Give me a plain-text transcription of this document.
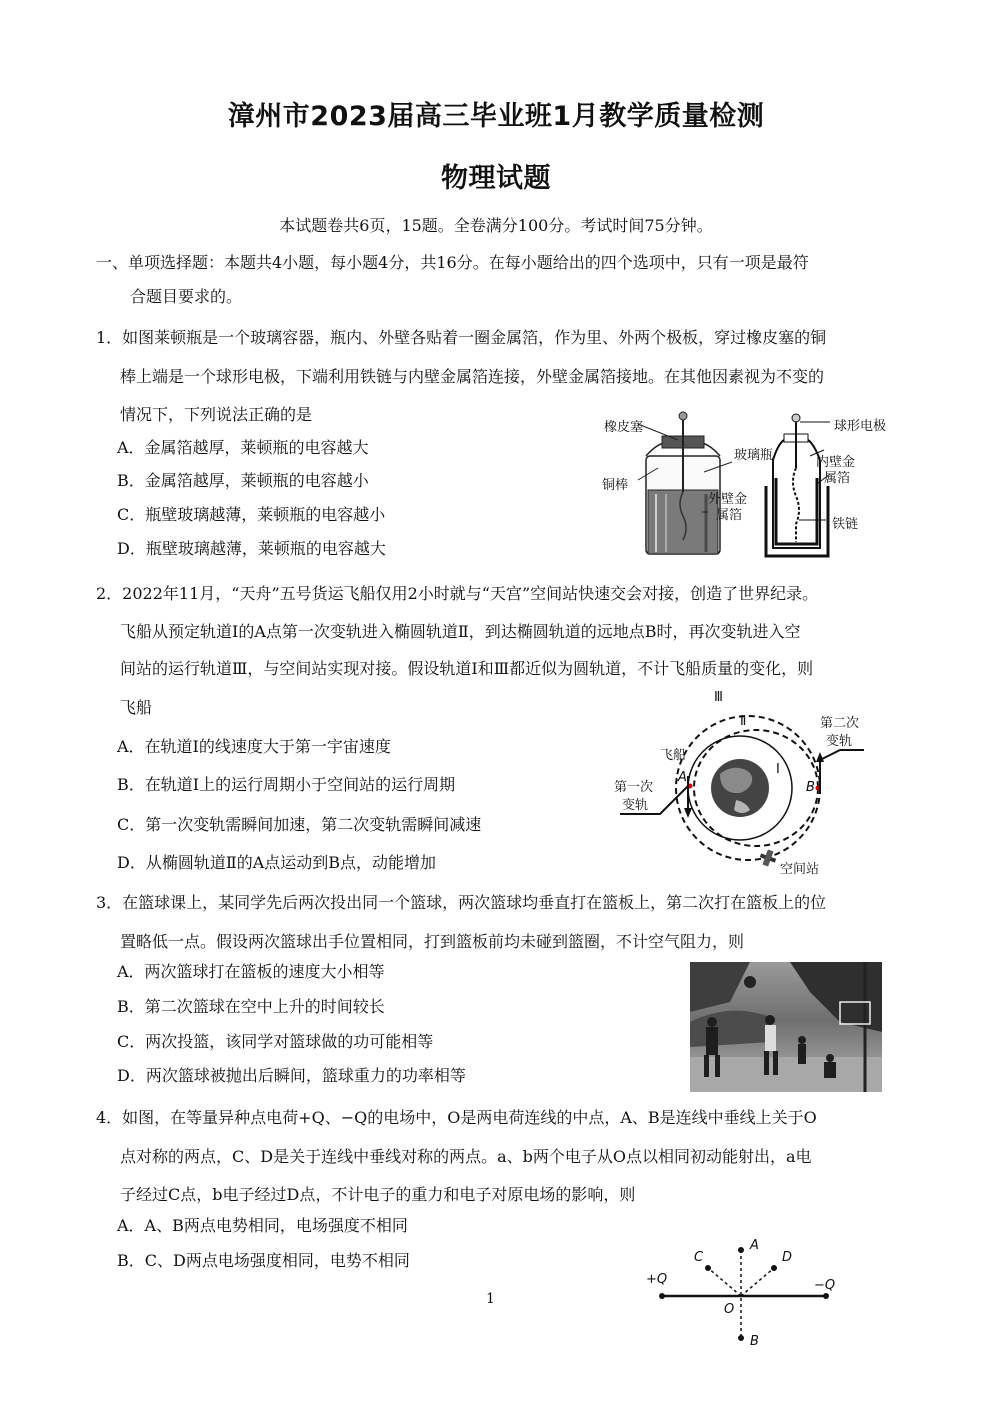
漳州市2023届高三毕业班1月教学质量检测
物理试题
本试题卷共6页，15题。全卷满分100分。考试时间75分钟。
一、单项选择题：本题共4小题，每小题4分，共16分。在每小题给出的四个选项中，只有一项是最符
合题目要求的。
1．如图莱顿瓶是一个玻璃容器，瓶内、外壁各贴着一圈金属箔，作为里、外两个极板，穿过橡皮塞的铜
棒上端是一个球形电极，下端利用铁链与内壁金属箔连接，外壁金属箔接地。在其他因素视为不变的
情况下，下列说法正确的是
A．金属箔越厚，莱顿瓶的电容越大
B．金属箔越厚，莱顿瓶的电容越小
C．瓶壁玻璃越薄，莱顿瓶的电容越小
D．瓶壁玻璃越薄，莱顿瓶的电容越大
橡皮塞
铜棒
玻璃瓶
外壁金
属箔
球形电极
内壁金
属箔
铁链
2．2022年11月，“天舟”五号货运飞船仅用2小时就与“天宫”空间站快速交会对接，创造了世界纪录。
飞船从预定轨道Ⅰ的A点第一次变轨进入椭圆轨道Ⅱ，到达椭圆轨道的远地点B时，再次变轨进入空
间站的运行轨道Ⅲ，与空间站实现对接。假设轨道Ⅰ和Ⅲ都近似为圆轨道，不计飞船质量的变化，则
飞船
A．在轨道Ⅰ的线速度大于第一宇宙速度
B．在轨道Ⅰ上的运行周期小于空间站的运行周期
C．第一次变轨需瞬间加速，第二次变轨需瞬间减速
D．从椭圆轨道Ⅱ的A点运动到B点，动能增加
Ⅲ
Ⅱ
Ⅰ
飞船
A
B
第二次
变轨
第一次
变轨
空间站
3．在篮球课上，某同学先后两次投出同一个篮球，两次篮球均垂直打在篮板上，第二次打在篮板上的位
置略低一点。假设两次篮球出手位置相同，打到篮板前均未碰到篮圈，不计空气阻力，则
A．两次篮球打在篮板的速度大小相等
B．第二次篮球在空中上升的时间较长
C．两次投篮，该同学对篮球做的功可能相等
D．两次篮球被抛出后瞬间，篮球重力的功率相等
4．如图，在等量异种点电荷+Q、−Q的电场中，O是两电荷连线的中点，A、B是连线中垂线上关于O
点对称的两点，C、D是关于连线中垂线对称的两点。a、b两个电子从O点以相同初动能射出，a电
子经过C点，b电子经过D点，不计电子的重力和电子对原电场的影响，则
A．A、B两点电势相同，电场强度不相同
B．C、D两点电场强度相同，电势不相同
+Q	−Q
A
B
C	D
O
1
